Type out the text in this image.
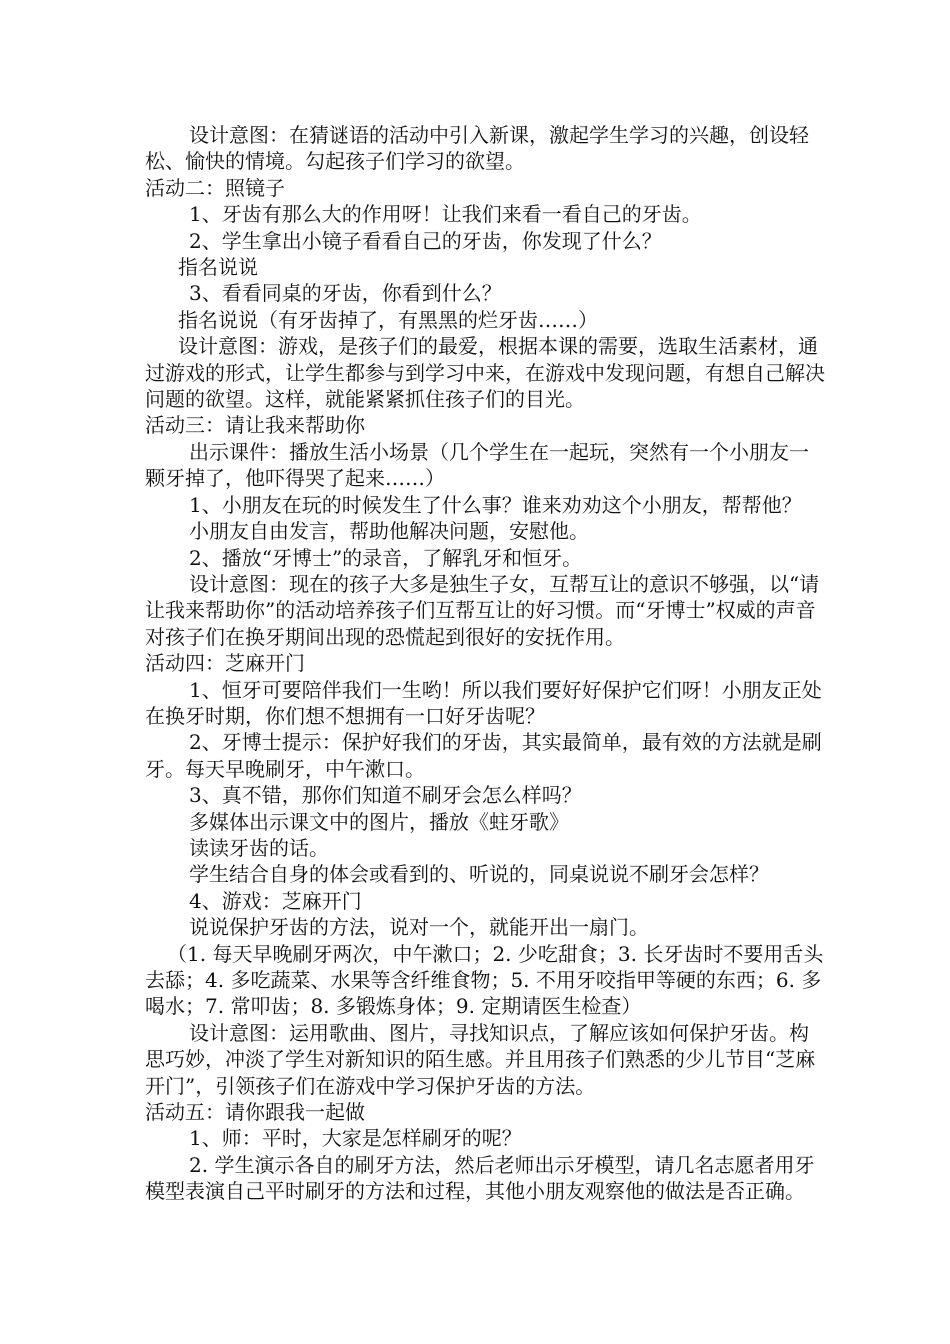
设计意图：在猜谜语的活动中引入新课，激起学生学习的兴趣，创设轻松、愉快的情境。勾起孩子们学习的欲望。

活动二：照镜子

1、牙齿有那么大的作用呀！让我们来看一看自己的牙齿。

2、学生拿出小镜子看看自己的牙齿，你发现了什么？

指名说说

3、看看同桌的牙齿，你看到什么？

指名说说（有牙齿掉了，有黑黑的烂牙齿……）

设计意图：游戏，是孩子们的最爱，根据本课的需要，选取生活素材，通过游戏的形式，让学生都参与到学习中来，在游戏中发现问题，有想自己解决问题的欲望。这样，就能紧紧抓住孩子们的目光。

活动三：请让我来帮助你

出示课件：播放生活小场景（几个学生在一起玩，突然有一个小朋友一颗牙掉了，他吓得哭了起来……）

1、小朋友在玩的时候发生了什么事？谁来劝劝这个小朋友，帮帮他？

小朋友自由发言，帮助他解决问题，安慰他。

2、播放“牙博士”的录音，了解乳牙和恒牙。

设计意图：现在的孩子大多是独生子女，互帮互让的意识不够强，以“请让我来帮助你”的活动培养孩子们互帮互让的好习惯。而“牙博士”权威的声音对孩子们在换牙期间出现的恐慌起到很好的安抚作用。

活动四：芝麻开门

1、恒牙可要陪伴我们一生哟！所以我们要好好保护它们呀！小朋友正处在换牙时期，你们想不想拥有一口好牙齿呢？

2、牙博士提示：保护好我们的牙齿，其实最简单，最有效的方法就是刷牙。每天早晚刷牙，中午漱口。

3、真不错，那你们知道不刷牙会怎么样吗？

多媒体出示课文中的图片，播放《蛀牙歌》

读读牙齿的话。

学生结合自身的体会或看到的、听说的，同桌说说不刷牙会怎样？

4、游戏：芝麻开门

说说保护牙齿的方法，说对一个，就能开出一扇门。

（1. 每天早晚刷牙两次，中午漱口；2. 少吃甜食；3. 长牙齿时不要用舌头去舔；4. 多吃蔬菜、水果等含纤维食物；5. 不用牙咬指甲等硬的东西；6. 多喝水；7. 常叩齿；8. 多锻炼身体；9. 定期请医生检查）

设计意图：运用歌曲、图片，寻找知识点，了解应该如何保护牙齿。构思巧妙，冲淡了学生对新知识的陌生感。并且用孩子们熟悉的少儿节目“芝麻开门”，引领孩子们在游戏中学习保护牙齿的方法。

活动五：请你跟我一起做

1、师：平时，大家是怎样刷牙的呢？

2. 学生演示各自的刷牙方法，然后老师出示牙模型，请几名志愿者用牙模型表演自己平时刷牙的方法和过程，其他小朋友观察他的做法是否正确。
